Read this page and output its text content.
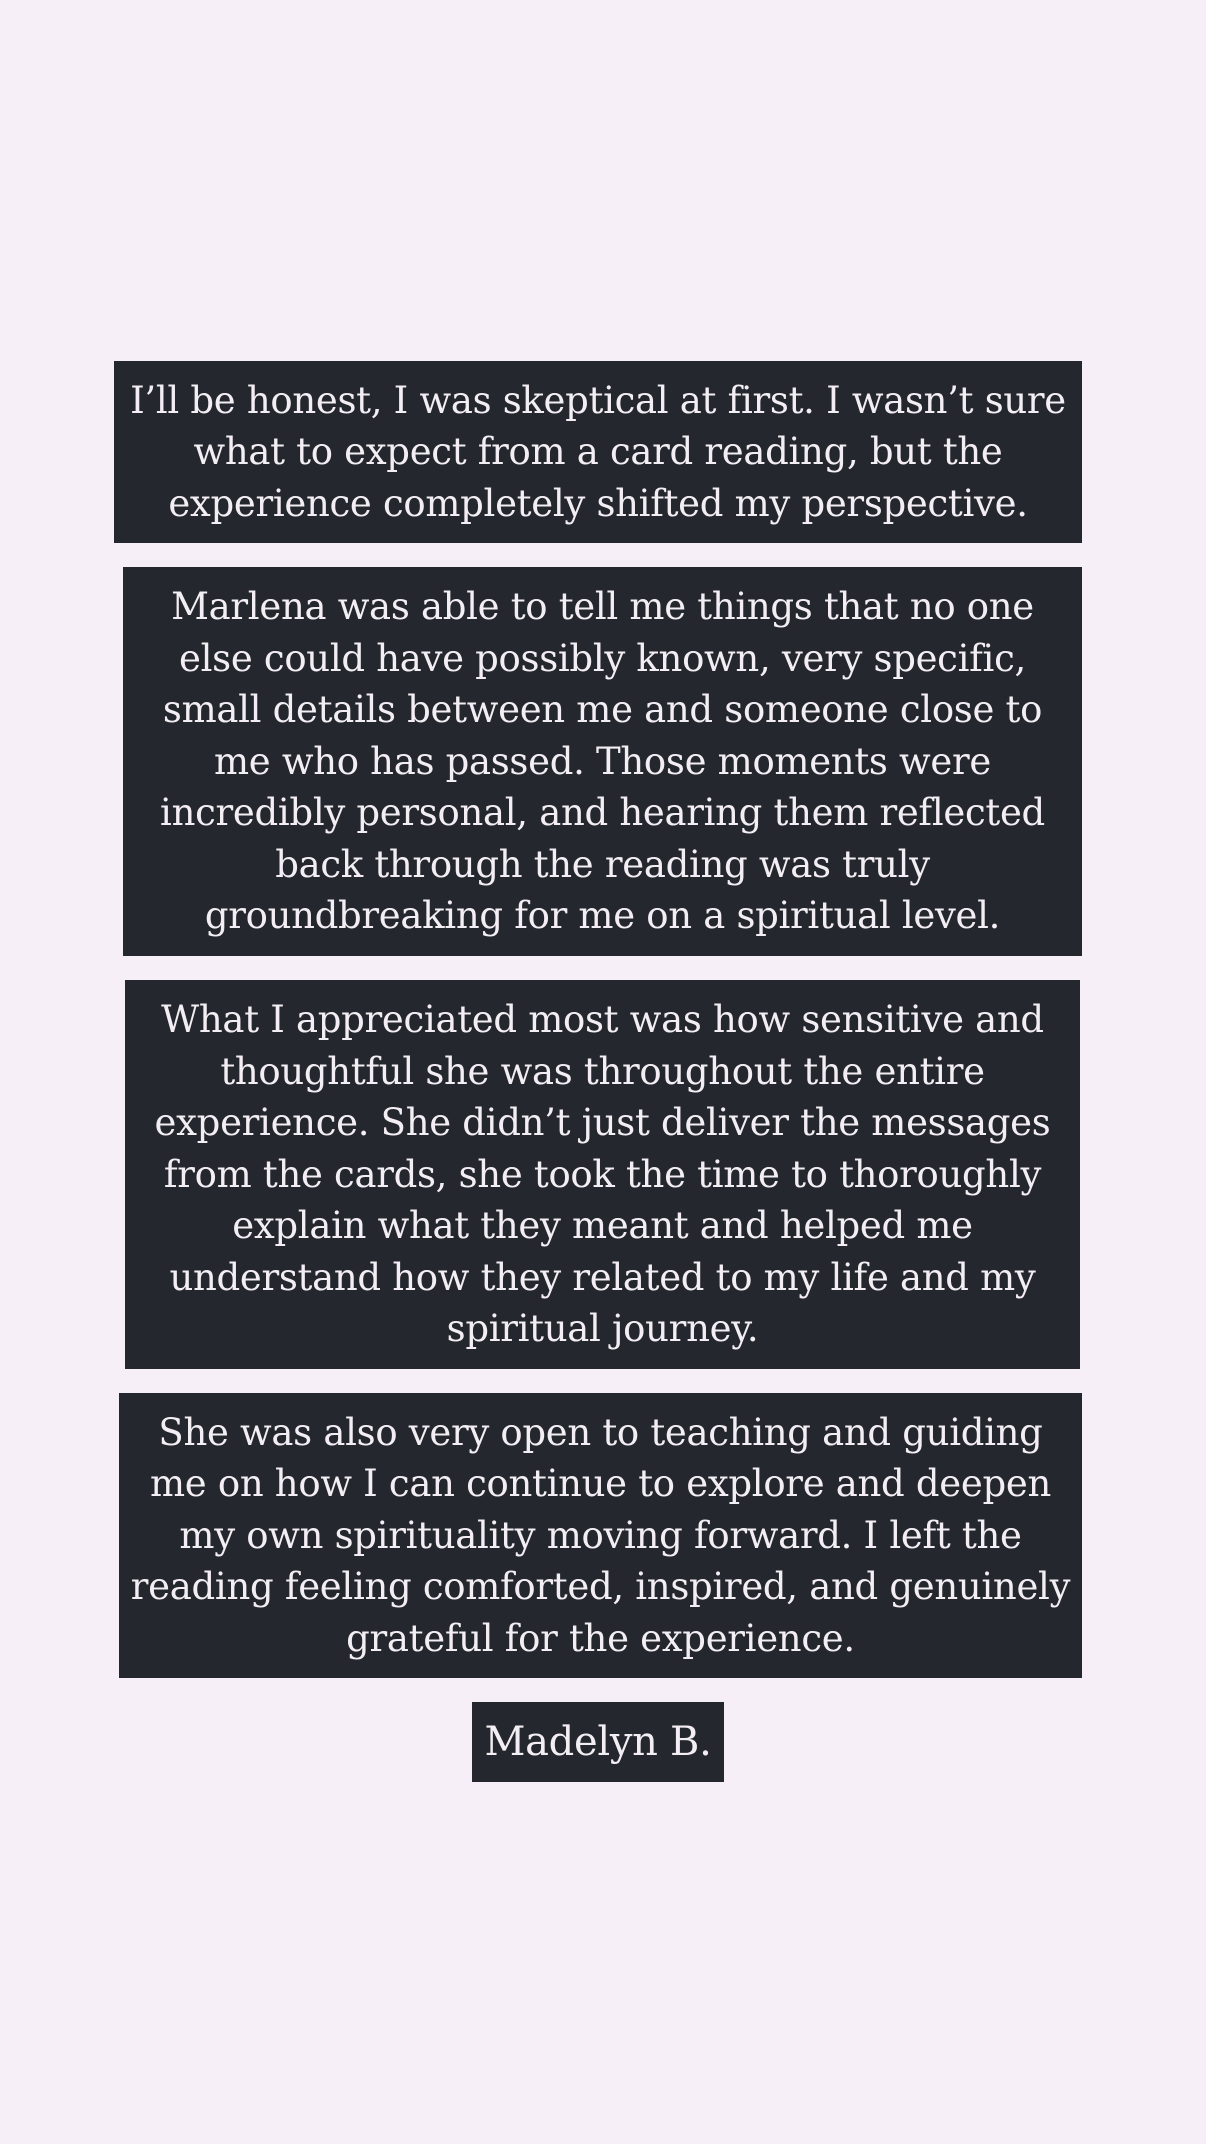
I’ll be honest, I was skeptical at first. I wasn’t sure what to expect from a card reading, but the experience completely shifted my perspective.

Marlena was able to tell me things that no one else could have possibly known, very specific, small details between me and someone close to me who has passed. Those moments were incredibly personal, and hearing them reflected back through the reading was truly groundbreaking for me on a spiritual level.

What I appreciated most was how sensitive and thoughtful she was throughout the entire experience. She didn’t just deliver the messages from the cards, she took the time to thoroughly explain what they meant and helped me understand how they related to my life and my spiritual journey.

She was also very open to teaching and guiding me on how I can continue to explore and deepen my own spirituality moving forward. I left the reading feeling comforted, inspired, and genuinely grateful for the experience.

Madelyn B.
